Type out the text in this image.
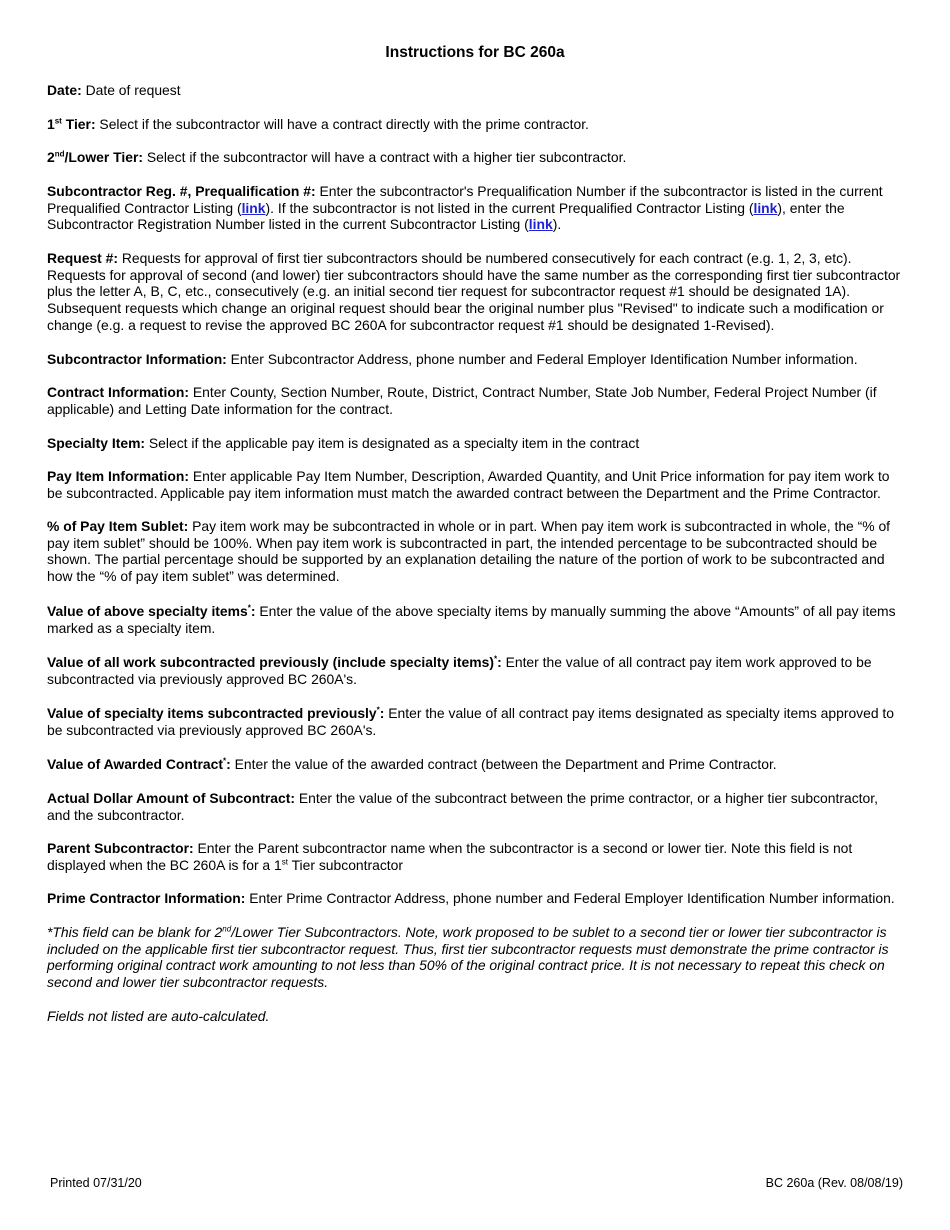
Instructions for BC 260a

Date: Date of request

1st Tier: Select if the subcontractor will have a contract directly with the prime contractor.

2nd/Lower Tier: Select if the subcontractor will have a contract with a higher tier subcontractor.

Subcontractor Reg. #, Prequalification #: Enter the subcontractor's Prequalification Number if the subcontractor is listed in the current Prequalified Contractor Listing (link). If the subcontractor is not listed in the current Prequalified Contractor Listing (link), enter the Subcontractor Registration Number listed in the current Subcontractor Listing (link).

Request #: Requests for approval of first tier subcontractors should be numbered consecutively for each contract (e.g. 1, 2, 3, etc). Requests for approval of second (and lower) tier subcontractors should have the same number as the corresponding first tier subcontractor plus the letter A, B, C, etc., consecutively (e.g. an initial second tier request for subcontractor request #1 should be designated 1A). Subsequent requests which change an original request should bear the original number plus "Revised" to indicate such a modification or change (e.g. a request to revise the approved BC 260A for subcontractor request #1 should be designated 1-Revised).

Subcontractor Information: Enter Subcontractor Address, phone number and Federal Employer Identification Number information.

Contract Information: Enter County, Section Number, Route, District, Contract Number, State Job Number, Federal Project Number (if applicable) and Letting Date information for the contract.

Specialty Item: Select if the applicable pay item is designated as a specialty item in the contract

Pay Item Information: Enter applicable Pay Item Number, Description, Awarded Quantity, and Unit Price information for pay item work to be subcontracted. Applicable pay item information must match the awarded contract between the Department and the Prime Contractor.

% of Pay Item Sublet: Pay item work may be subcontracted in whole or in part. When pay item work is subcontracted in whole, the “% of pay item sublet” should be 100%. When pay item work is subcontracted in part, the intended percentage to be subcontracted should be shown. The partial percentage should be supported by an explanation detailing the nature of the portion of work to be subcontracted and how the “% of pay item sublet” was determined.

Value of above specialty items*: Enter the value of the above specialty items by manually summing the above “Amounts” of all pay items marked as a specialty item.

Value of all work subcontracted previously (include specialty items)*: Enter the value of all contract pay item work approved to be subcontracted via previously approved BC 260A's.

Value of specialty items subcontracted previously*: Enter the value of all contract pay items designated as specialty items approved to be subcontracted via previously approved BC 260A's.

Value of Awarded Contract*: Enter the value of the awarded contract (between the Department and Prime Contractor.

Actual Dollar Amount of Subcontract: Enter the value of the subcontract between the prime contractor, or a higher tier subcontractor, and the subcontractor.

Parent Subcontractor: Enter the Parent subcontractor name when the subcontractor is a second or lower tier. Note this field is not displayed when the BC 260A is for a 1st Tier subcontractor

Prime Contractor Information: Enter Prime Contractor Address, phone number and Federal Employer Identification Number information.

*This field can be blank for 2nd/Lower Tier Subcontractors. Note, work proposed to be sublet to a second tier or lower tier subcontractor is included on the applicable first tier subcontractor request. Thus, first tier subcontractor requests must demonstrate the prime contractor is performing original contract work amounting to not less than 50% of the original contract price. It is not necessary to repeat this check on second and lower tier subcontractor requests.

Fields not listed are auto-calculated.

Printed 07/31/20	BC 260a (Rev. 08/08/19)
